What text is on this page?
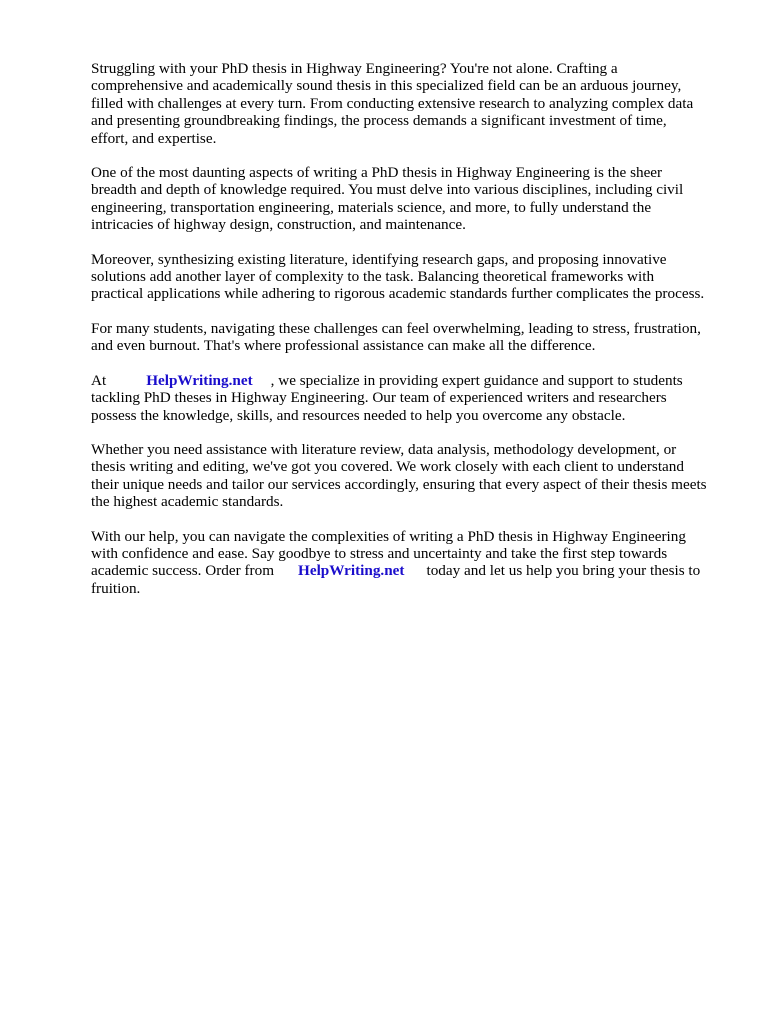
Struggling with your PhD thesis in Highway Engineering? You're not alone. Crafting a
comprehensive and academically sound thesis in this specialized field can be an arduous journey,
filled with challenges at every turn. From conducting extensive research to analyzing complex data
and presenting groundbreaking findings, the process demands a significant investment of time,
effort, and expertise.

One of the most daunting aspects of writing a PhD thesis in Highway Engineering is the sheer
breadth and depth of knowledge required. You must delve into various disciplines, including civil
engineering, transportation engineering, materials science, and more, to fully understand the
intricacies of highway design, construction, and maintenance.

Moreover, synthesizing existing literature, identifying research gaps, and proposing innovative
solutions add another layer of complexity to the task. Balancing theoretical frameworks with
practical applications while adhering to rigorous academic standards further complicates the process.

For many students, navigating these challenges can feel overwhelming, leading to stress, frustration,
and even burnout. That's where professional assistance can make all the difference.

At	HelpWriting.net , we specialize in providing expert guidance and support to students
tackling PhD theses in Highway Engineering. Our team of experienced writers and researchers
possess the knowledge, skills, and resources needed to help you overcome any obstacle.

Whether you need assistance with literature review, data analysis, methodology development, or
thesis writing and editing, we've got you covered. We work closely with each client to understand
their unique needs and tailor our services accordingly, ensuring that every aspect of their thesis meets
the highest academic standards.

With our help, you can navigate the complexities of writing a PhD thesis in Highway Engineering
with confidence and ease. Say goodbye to stress and uncertainty and take the first step towards
academic success. Order from HelpWriting.net today and let us help you bring your thesis to
fruition.
